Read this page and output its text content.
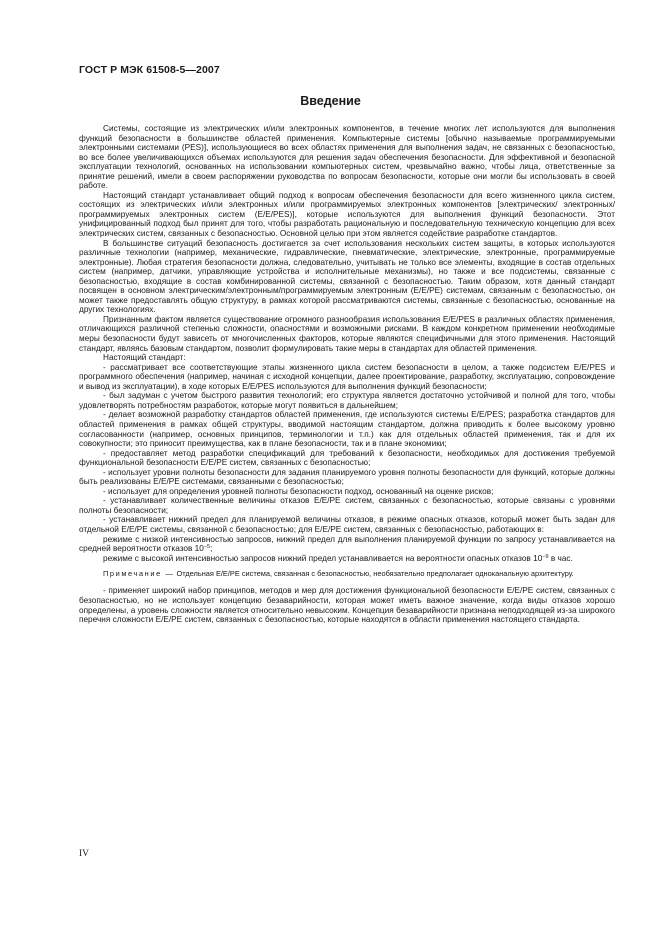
ГОСТ Р МЭК 61508-5—2007
Введение

Системы, состоящие из электрических и/или электронных компонентов, в течение многих лет используются для выполнения функций безопасности в большинстве областей применения. Компьютерные системы [обычно называемые программируемыми электронными системами (PES)], использующиеся во всех областях применения для выполнения задач, не связанных с безопасностью, во все более увеличивающихся объемах используются для решения задач обеспечения безопасности. Для эффективной и безопасной эксплуатации технологий, основанных на использовании компьютерных систем, чрезвычайно важно, чтобы лица, ответственные за принятие решений, имели в своем распоряжении руководства по вопросам безопасности, которые они могли бы использовать в своей работе.

Настоящий стандарт устанавливает общий подход к вопросам обеспечения безопасности для всего жизненного цикла систем, состоящих из электрических и/или электронных и/или программируемых электронных компонентов [электрических/ электронных/ программируемых электронных систем (E/E/PES)], которые используются для выполнения функций безопасности. Этот унифицированный подход был принят для того, чтобы разработать рациональную и последовательную техническую концепцию для всех электрических систем, связанных с безопасностью. Основной целью при этом является содействие разработке стандартов.

В большинстве ситуаций безопасность достигается за счет использования нескольких систем защиты, в которых используются различные технологии (например, механические, гидравлические, пневматические, электрические, электронные, программируемые электронные). Любая стратегия безопасности должна, следовательно, учитывать не только все элементы, входящие в состав отдельных систем (например, датчики, управляющие устройства и исполнительные механизмы), но также и все подсистемы, связанные с безопасностью, входящие в состав комбинированной системы, связанной с безопасностью. Таким образом, хотя данный стандарт посвящен в основном электрическим/электронным/программируемым электронным (E/E/PE) системам, связанным с безопасностью, он может также предоставлять общую структуру, в рамках которой рассматриваются системы, связанные с безопасностью, основанные на других технологиях.

Признанным фактом является существование огромного разнообразия использования E/E/PES в различных областях применения, отличающихся различной степенью сложности, опасностями и возможными рисками. В каждом конкретном применении необходимые меры безопасности будут зависеть от многочисленных факторов, которые являются специфичными для этого применения. Настоящий стандарт, являясь базовым стандартом, позволит формулировать такие меры в стандартах для областей применения.

Настоящий стандарт:

- рассматривает все соответствующие этапы жизненного цикла систем безопасности в целом, а также подсистем E/E/PES и программного обеспечения (например, начиная с исходной концепции, далее проектирование, разработку, эксплуатацию, сопровождение и вывод из эксплуатации), в ходе которых E/E/PES используются для выполнения функций безопасности;

- был задуман с учетом быстрого развития технологий; его структура является достаточно устойчивой и полной для того, чтобы удовлетворять потребностям разработок, которые могут появиться в дальнейшем;

- делает возможной разработку стандартов областей применения, где используются системы E/E/PES; разработка стандартов для областей применения в рамках общей структуры, вводимой настоящим стандартом, должна приводить к более высокому уровню согласованности (например, основных принципов, терминологии и т.п.) как для отдельных областей применения, так и для их совокупности; это приносит преимущества, как в плане безопасности, так и в плане экономики;

- предоставляет метод разработки спецификаций для требований к безопасности, необходимых для достижения требуемой функциональной безопасности E/E/PE систем, связанных с безопасностью;

- использует уровни полноты безопасности для задания планируемого уровня полноты безопасности для функций, которые должны быть реализованы E/E/PE системами, связанными с безопасностью;

- использует для определения уровней полноты безопасности подход, основанный на оценке рисков;

- устанавливает количественные величины отказов E/E/PE систем, связанных с безопасностью, которые связаны с уровнями полноты безопасности;

- устанавливает нижний предел для планируемой величины отказов, в режиме опасных отказов, который может быть задан для отдельной E/E/PE системы, связанной с безопасностью; для E/E/PE систем, связанных с безопасностью, работающих в:

режиме с низкой интенсивностью запросов, нижний предел для выполнения планируемой функции по запросу устанавливается на средней вероятности отказов $10^{-5}$;

режиме с высокой интенсивностью запросов нижний предел устанавливается на вероятности опасных отказов $10^{-9}$ в час.

Примечание — Отдельная E/E/PE система, связанная с безопасностью, необязательно предполагает одноканальную архитектуру.

- применяет широкий набор принципов, методов и мер для достижения функциональной безопасности E/E/PE систем, связанных с безопасностью, но не использует концепцию безаварийности, которая может иметь важное значение, когда виды отказов хорошо определены, а уровень сложности является относительно невысоким. Концепция безаварийности признана неподходящей из-за широкого перечня сложности E/E/PE систем, связанных с безопасностью, которые находятся в области применения настоящего стандарта.

IV
